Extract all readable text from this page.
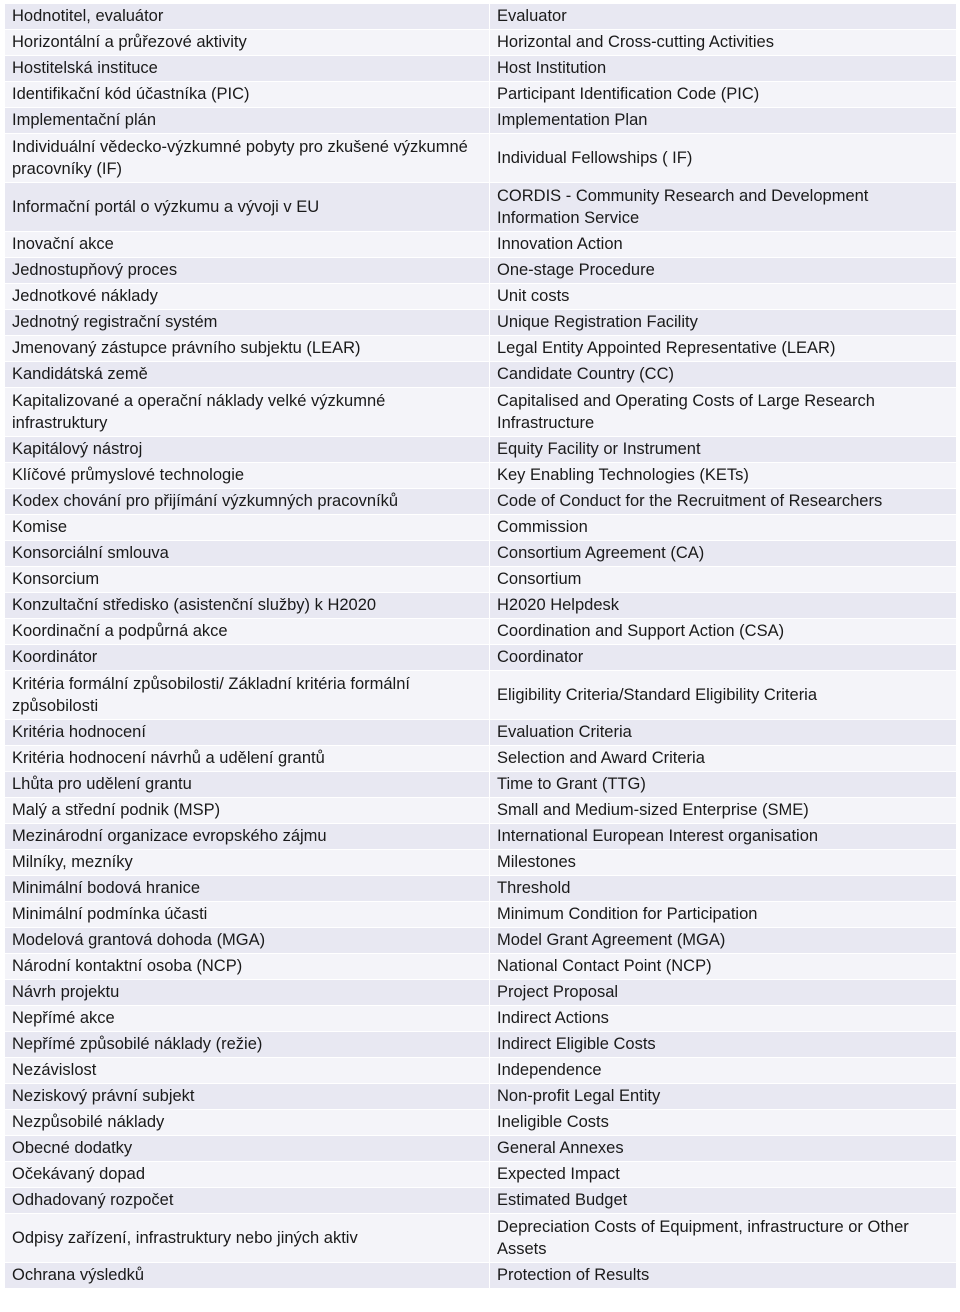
Hodnotitel, evaluátor	Evaluator
Horizontální a průřezové aktivity	Horizontal and Cross-cutting Activities
Hostitelská instituce	Host Institution
Identifikační kód účastníka (PIC)	Participant Identification Code (PIC)
Implementační plán	Implementation Plan
Individuální vědecko-výzkumné pobyty pro zkušené výzkumné pracovníky (IF)	Individual Fellowships ( IF)
Informační portál o výzkumu a vývoji v EU	CORDIS - Community Research and Development Information Service
Inovační akce	Innovation Action
Jednostupňový proces	One-stage Procedure
Jednotkové náklady	Unit costs
Jednotný registrační systém	Unique Registration Facility
Jmenovaný zástupce právního subjektu (LEAR)	Legal Entity Appointed Representative (LEAR)
Kandidátská země	Candidate Country (CC)
Kapitalizované a operační náklady velké výzkumné infrastruktury	Capitalised and Operating Costs of Large Research Infrastructure
Kapitálový nástroj	Equity Facility or Instrument
Klíčové průmyslové technologie	Key Enabling Technologies (KETs)
Kodex chování pro přijímání výzkumných pracovníků	Code of Conduct for the Recruitment of Researchers
Komise	Commission
Konsorciální smlouva	Consortium Agreement (CA)
Konsorcium	Consortium
Konzultační středisko (asistenční služby) k H2020	H2020 Helpdesk
Koordinační a podpůrná akce	Coordination and Support Action (CSA)
Koordinátor	Coordinator
Kritéria formální způsobilosti/ Základní kritéria formální způsobilosti	Eligibility Criteria/Standard Eligibility Criteria
Kritéria hodnocení	Evaluation Criteria
Kritéria hodnocení návrhů a udělení grantů	Selection and Award Criteria
Lhůta pro udělení grantu	Time to Grant (TTG)
Malý a střední podnik (MSP)	Small and Medium-sized Enterprise (SME)
Mezinárodní organizace evropského zájmu	International European Interest organisation
Milníky, mezníky	Milestones
Minimální bodová hranice	Threshold
Minimální podmínka účasti	Minimum Condition for Participation
Modelová grantová dohoda (MGA)	Model Grant Agreement (MGA)
Národní kontaktní osoba (NCP)	National Contact Point (NCP)
Návrh projektu	Project Proposal
Nepřímé akce	Indirect Actions
Nepřímé způsobilé náklady (režie)	Indirect Eligible Costs
Nezávislost	Independence
Neziskový právní subjekt	Non-profit Legal Entity
Nezpůsobilé náklady	Ineligible Costs
Obecné dodatky	General Annexes
Očekávaný dopad	Expected Impact
Odhadovaný rozpočet	Estimated Budget
Odpisy zařízení, infrastruktury nebo jiných aktiv	Depreciation Costs of Equipment, infrastructure or Other Assets
Ochrana výsledků	Protection of Results
